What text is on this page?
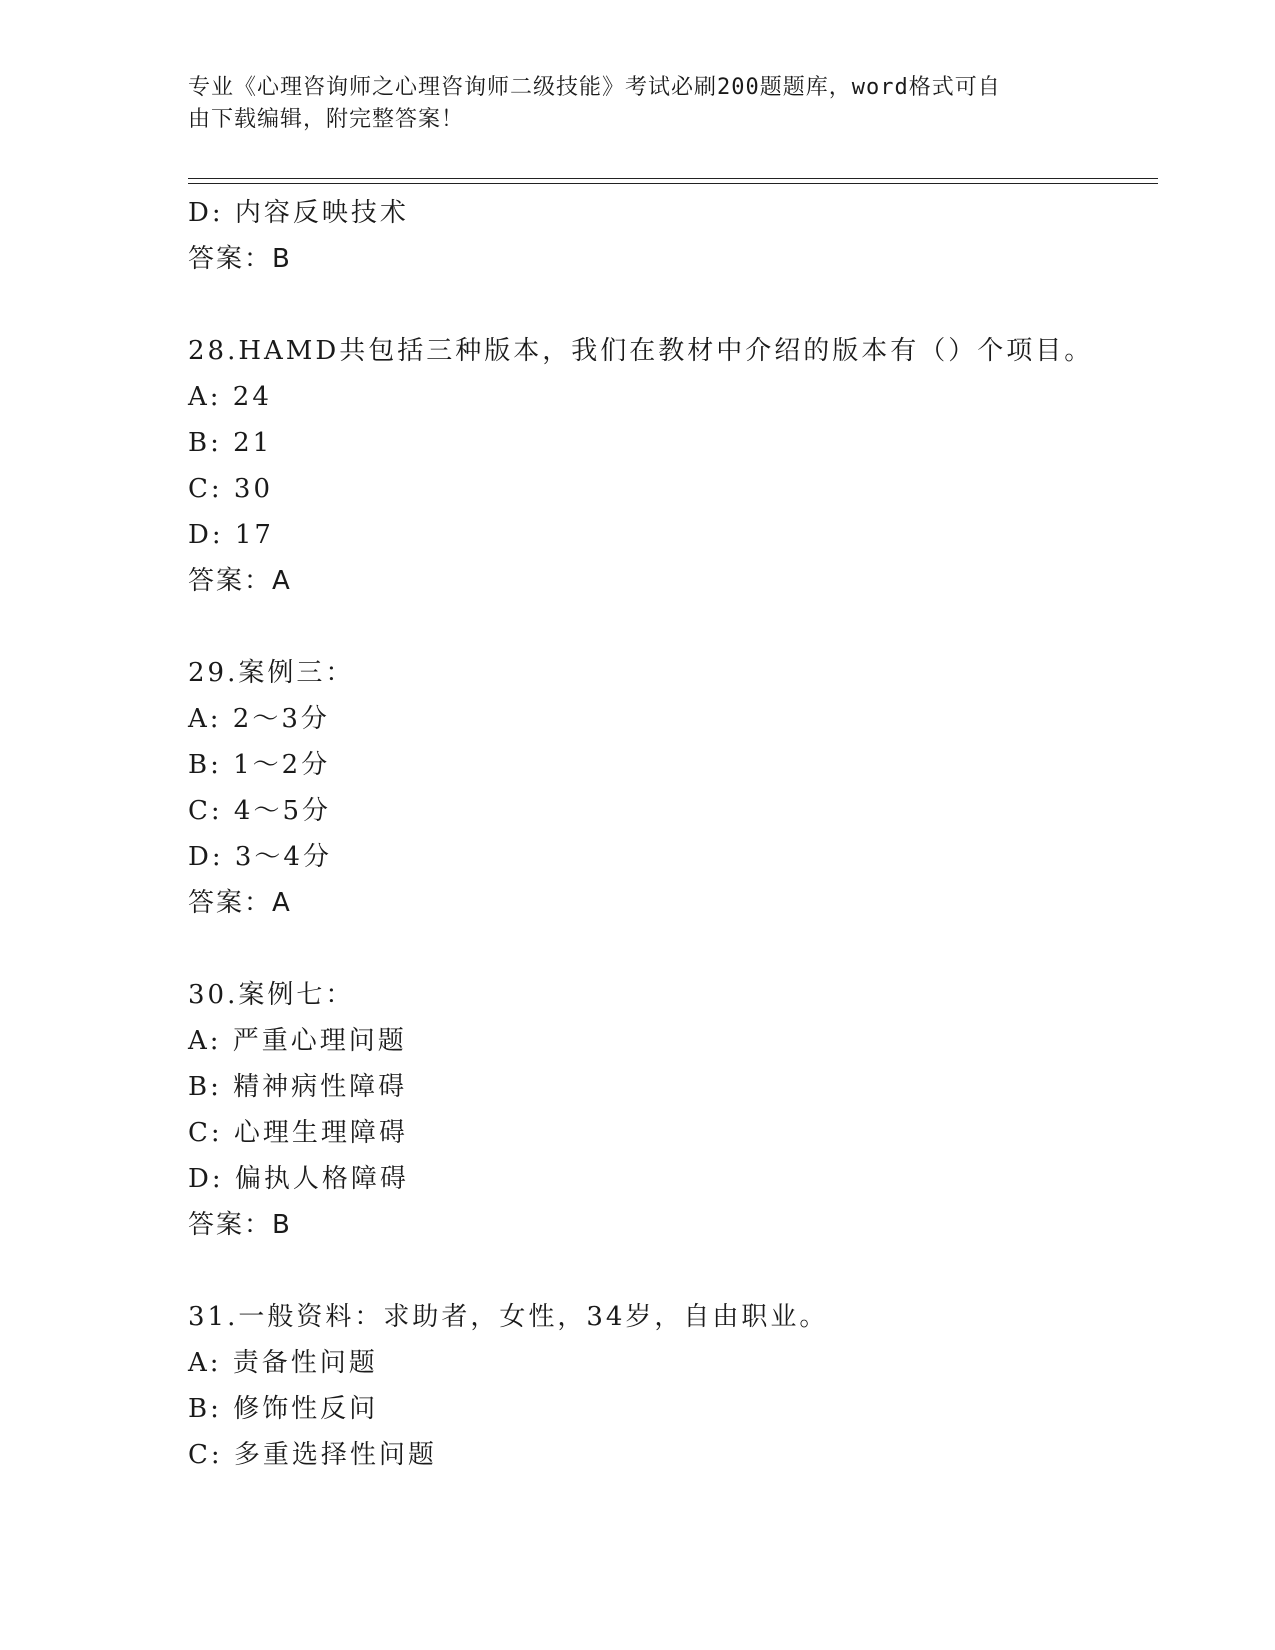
专业《心理咨询师之心理咨询师二级技能》考试必刷200题题库，word格式可自
由下载编辑，附完整答案！
D: 内容反映技术
答案：B
28.HAMD共包括三种版本，我们在教材中介绍的版本有（）个项目。
A: 24
B: 21
C: 30
D: 17
答案：A
29.案例三：
A: 2～3分
B: 1～2分
C: 4～5分
D: 3～4分
答案：A
30.案例七：
A: 严重心理问题
B: 精神病性障碍
C: 心理生理障碍
D: 偏执人格障碍
答案：B
31.一般资料：求助者，女性，34岁，自由职业。
A: 责备性问题
B: 修饰性反问
C: 多重选择性问题
